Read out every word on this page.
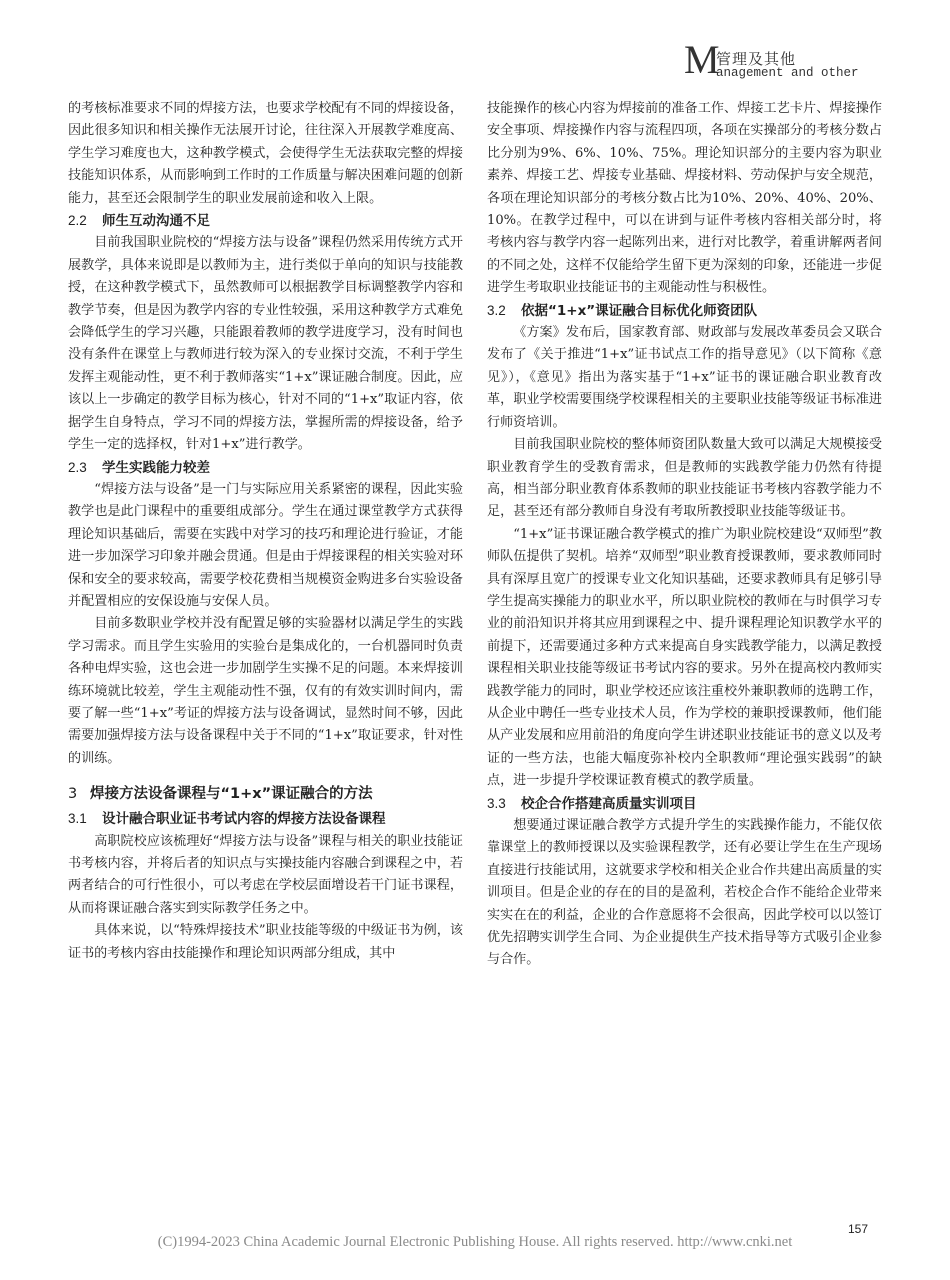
M
管理及其他
anagement and other

的考核标准要求不同的焊接方法，也要求学校配有不同的焊接设备，因此很多知识和相关操作无法展开讨论，往往深入开展教学难度高、学生学习难度也大，这种教学模式，会使得学生无法获取完整的焊接技能知识体系，从而影响到工作时的工作质量与解决困难问题的创新能力，甚至还会限制学生的职业发展前途和收入上限。

2.2 师生互动沟通不足

目前我国职业院校的“焊接方法与设备”课程仍然采用传统方式开展教学，具体来说即是以教师为主，进行类似于单向的知识与技能教授，在这种教学模式下，虽然教师可以根据教学目标调整教学内容和教学节奏，但是因为教学内容的专业性较强，采用这种教学方式难免会降低学生的学习兴趣，只能跟着教师的教学进度学习，没有时间也没有条件在课堂上与教师进行较为深入的专业探讨交流，不利于学生发挥主观能动性，更不利于教师落实“1+x”课证融合制度。因此，应该以上一步确定的教学目标为核心，针对不同的“1+x”取证内容，依据学生自身特点，学习不同的焊接方法，掌握所需的焊接设备，给予学生一定的选择权，针对1+x”进行教学。

2.3 学生实践能力较差

“焊接方法与设备”是一门与实际应用关系紧密的课程，因此实验教学也是此门课程中的重要组成部分。学生在通过课堂教学方式获得理论知识基础后，需要在实践中对学习的技巧和理论进行验证，才能进一步加深学习印象并融会贯通。但是由于焊接课程的相关实验对环保和安全的要求较高，需要学校花费相当规模资金购进多台实验设备并配置相应的安保设施与安保人员。

目前多数职业学校并没有配置足够的实验器材以满足学生的实践学习需求。而且学生实验用的实验台是集成化的，一台机器同时负责各种电焊实验，这也会进一步加剧学生实操不足的问题。本来焊接训练环境就比较差，学生主观能动性不强，仅有的有效实训时间内，需要了解一些“1+x”考证的焊接方法与设备调试，显然时间不够，因此需要加强焊接方法与设备课程中关于不同的“1+x”取证要求，针对性的训练。

3 焊接方法设备课程与“1+x”课证融合的方法
3.1 设计融合职业证书考试内容的焊接方法设备课程

高职院校应该梳理好“焊接方法与设备”课程与相关的职业技能证书考核内容，并将后者的知识点与实操技能内容融合到课程之中，若两者结合的可行性很小，可以考虑在学校层面增设若干门证书课程，从而将课证融合落实到实际教学任务之中。

具体来说，以“特殊焊接技术”职业技能等级的中级证书为例，该证书的考核内容由技能操作和理论知识两部分组成，其中

技能操作的核心内容为焊接前的准备工作、焊接工艺卡片、焊接操作安全事项、焊接操作内容与流程四项，各项在实操部分的考核分数占比分别为9%、6%、10%、75%。理论知识部分的主要内容为职业素养、焊接工艺、焊接专业基础、焊接材料、劳动保护与安全规范，各项在理论知识部分的考核分数占比为10%、20%、40%、20%、10%。在教学过程中，可以在讲到与证件考核内容相关部分时，将考核内容与教学内容一起陈列出来，进行对比教学，着重讲解两者间的不同之处，这样不仅能给学生留下更为深刻的印象，还能进一步促进学生考取职业技能证书的主观能动性与积极性。

3.2 依据“1+x”课证融合目标优化师资团队

《方案》发布后，国家教育部、财政部与发展改革委员会又联合发布了《关于推进“1+x”证书试点工作的指导意见》（以下简称《意见》），《意见》指出为落实基于“1+x”证书的课证融合职业教育改革，职业学校需要围绕学校课程相关的主要职业技能等级证书标准进行师资培训。

目前我国职业院校的整体师资团队数量大致可以满足大规模接受职业教育学生的受教育需求，但是教师的实践教学能力仍然有待提高，相当部分职业教育体系教师的职业技能证书考核内容教学能力不足，甚至还有部分教师自身没有考取所教授职业技能等级证书。

“1+x”证书课证融合教学模式的推广为职业院校建设“双师型”教师队伍提供了契机。培养“双师型”职业教育授课教师，要求教师同时具有深厚且宽广的授课专业文化知识基础，还要求教师具有足够引导学生提高实操能力的职业水平，所以职业院校的教师在与时俱学习专业的前沿知识并将其应用到课程之中、提升课程理论知识教学水平的前提下，还需要通过多种方式来提高自身实践教学能力，以满足教授课程相关职业技能等级证书考试内容的要求。另外在提高校内教师实践教学能力的同时，职业学校还应该注重校外兼职教师的选聘工作，从企业中聘任一些专业技术人员，作为学校的兼职授课教师，他们能从产业发展和应用前沿的角度向学生讲述职业技能证书的意义以及考证的一些方法，也能大幅度弥补校内全职教师“理论强实践弱”的缺点，进一步提升学校课证教育模式的教学质量。

3.3 校企合作搭建高质量实训项目

想要通过课证融合教学方式提升学生的实践操作能力，不能仅依靠课堂上的教师授课以及实验课程教学，还有必要让学生在生产现场直接进行技能试用，这就要求学校和相关企业合作共建出高质量的实训项目。但是企业的存在的目的是盈利，若校企合作不能给企业带来实实在在的利益，企业的合作意愿将不会很高，因此学校可以以签订优先招聘实训学生合同、为企业提供生产技术指导等方式吸引企业参与合作。

157
(C)1994-2023 China Academic Journal Electronic Publishing House. All rights reserved. http://www.cnki.net
